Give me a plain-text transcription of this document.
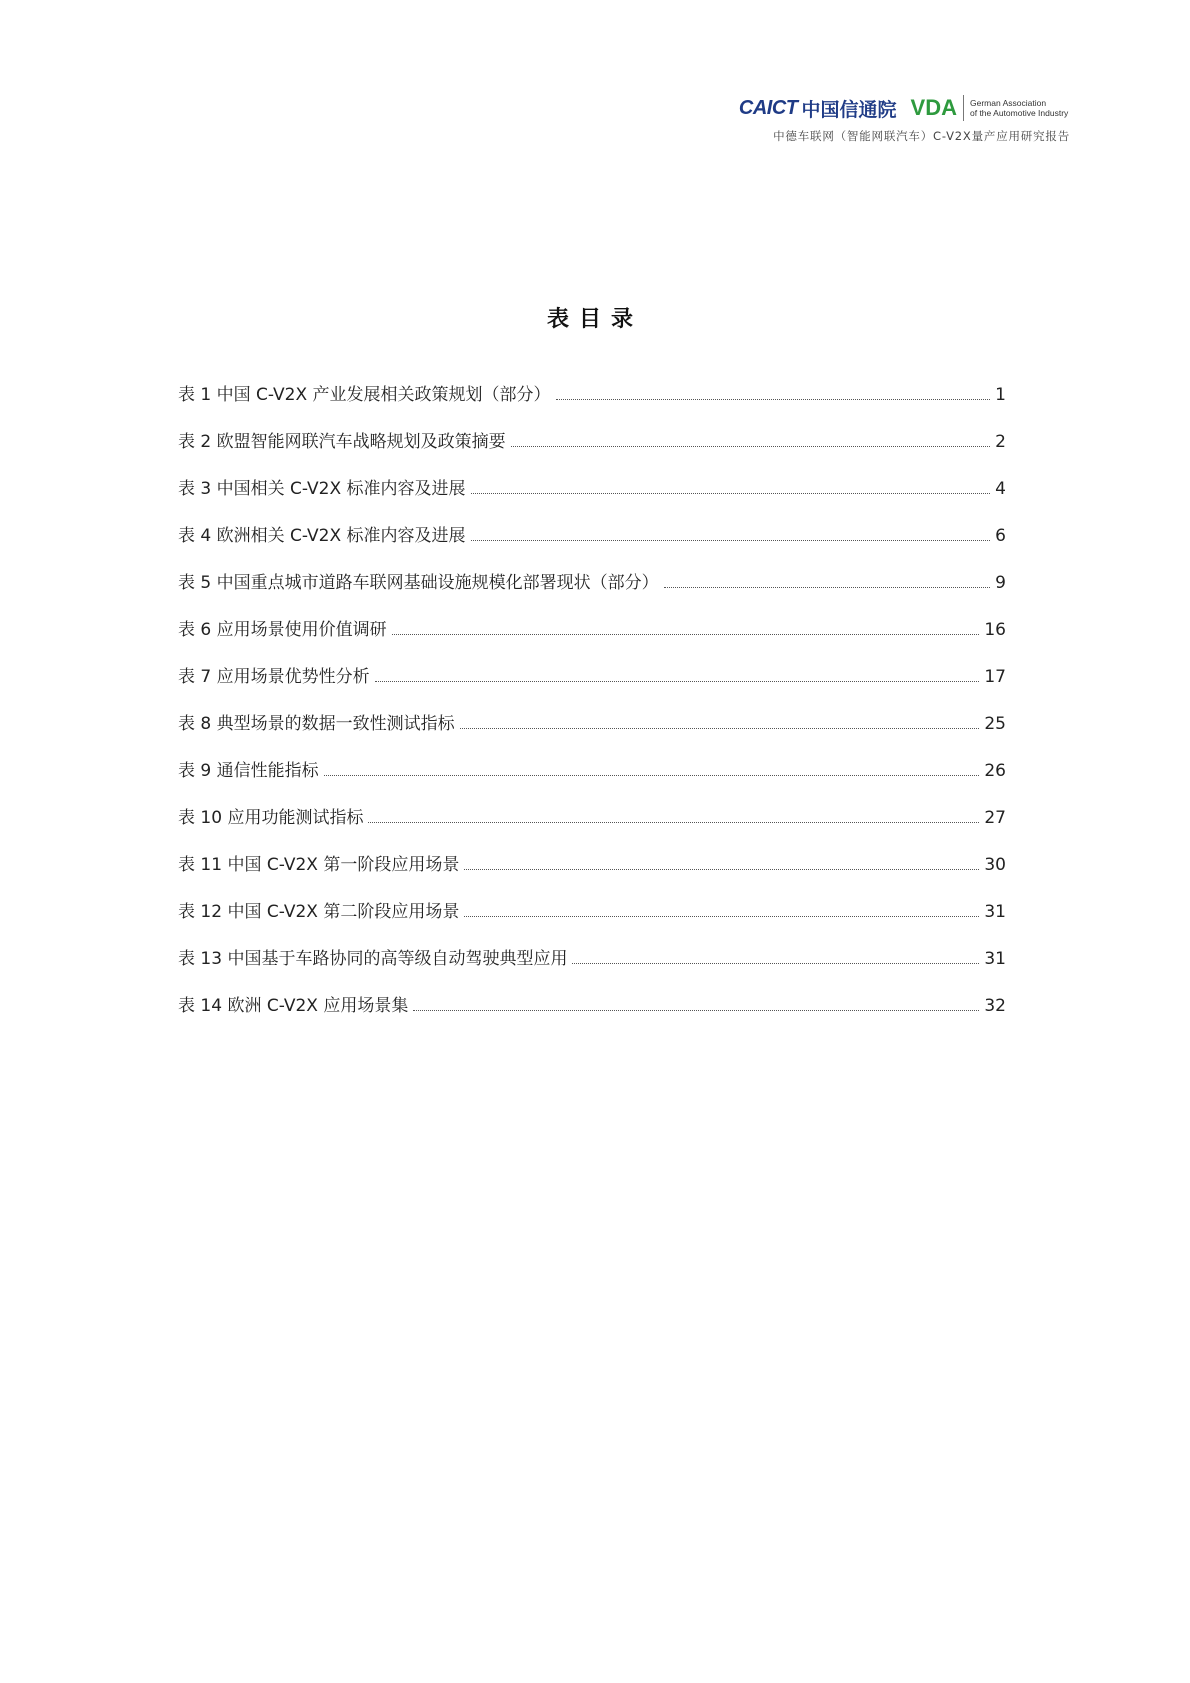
CAICT 中国信通院 VDA German Association
of the Automotive Industry
中德车联网（智能网联汽车）C-V2X量产应用研究报告
表目录
表 1 中国 C-V2X 产业发展相关政策规划（部分）	1
表 2 欧盟智能网联汽车战略规划及政策摘要	2
表 3 中国相关 C-V2X 标准内容及进展	4
表 4 欧洲相关 C-V2X 标准内容及进展	6
表 5 中国重点城市道路车联网基础设施规模化部署现状（部分）	9
表 6 应用场景使用价值调研	16
表 7 应用场景优势性分析	17
表 8 典型场景的数据一致性测试指标	25
表 9 通信性能指标	26
表 10 应用功能测试指标	27
表 11 中国 C-V2X 第一阶段应用场景	30
表 12 中国 C-V2X 第二阶段应用场景	31
表 13 中国基于车路协同的高等级自动驾驶典型应用	31
表 14 欧洲 C-V2X 应用场景集	32
